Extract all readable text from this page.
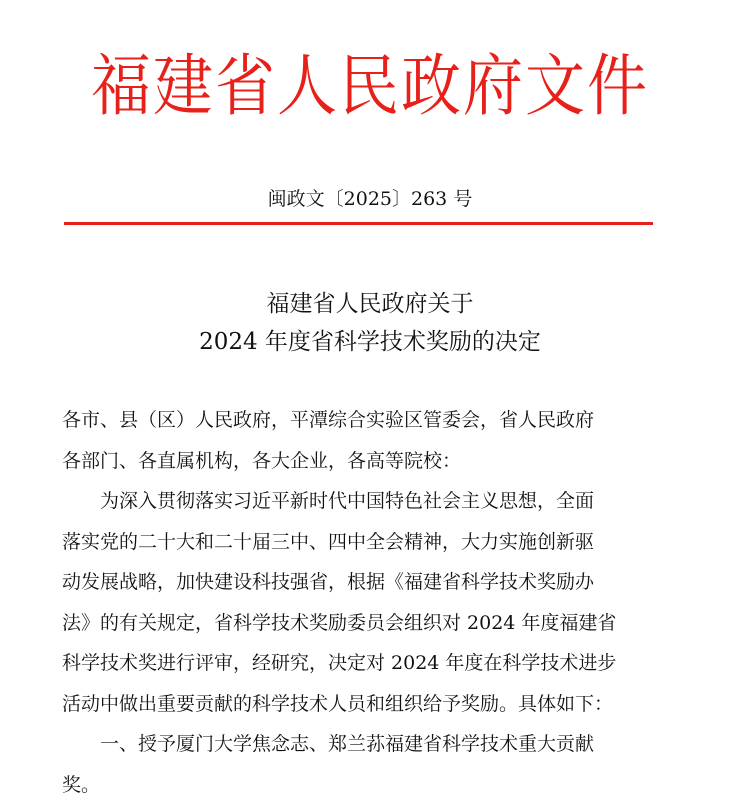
福建省人民政府文件
闽政文〔2025〕263 号
福建省人民政府关于
2024 年度省科学技术奖励的决定

各市、县（区）人民政府，平潭综合实验区管委会，省人民政府
各部门、各直属机构，各大企业，各高等院校：

为深入贯彻落实习近平新时代中国特色社会主义思想，全面
落实党的二十大和二十届三中、四中全会精神，大力实施创新驱
动发展战略，加快建设科技强省，根据《福建省科学技术奖励办
法》的有关规定，省科学技术奖励委员会组织对 2024 年度福建省
科学技术奖进行评审，经研究，决定对 2024 年度在科学技术进步
活动中做出重要贡献的科学技术人员和组织给予奖励。具体如下：

一、授予厦门大学焦念志、郑兰荪福建省科学技术重大贡献
奖。
